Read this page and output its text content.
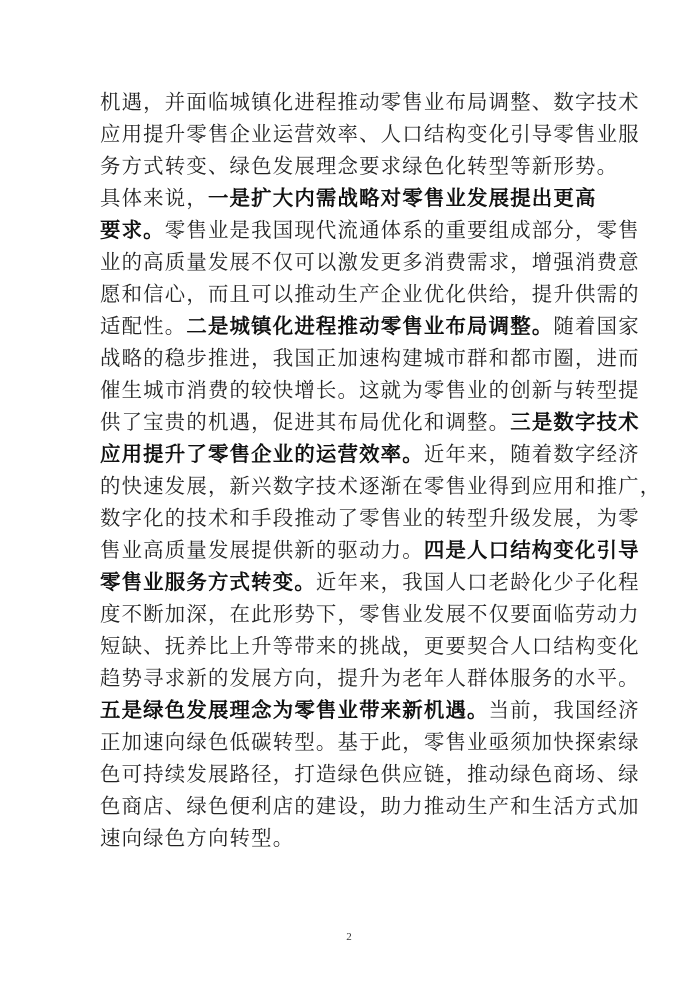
机遇，并面临城镇化进程推动零售业布局调整、数字技术
应用提升零售企业运营效率、人口结构变化引导零售业服
务方式转变、绿色发展理念要求绿色化转型等新形势。
具体来说，一是扩大内需战略对零售业发展提出更高
要求。零售业是我国现代流通体系的重要组成部分，零售
业的高质量发展不仅可以激发更多消费需求，增强消费意
愿和信心，而且可以推动生产企业优化供给，提升供需的
适配性。二是城镇化进程推动零售业布局调整。随着国家
战略的稳步推进，我国正加速构建城市群和都市圈，进而
催生城市消费的较快增长。这就为零售业的创新与转型提
供了宝贵的机遇，促进其布局优化和调整。三是数字技术
应用提升了零售企业的运营效率。近年来，随着数字经济
的快速发展，新兴数字技术逐渐在零售业得到应用和推广，
数字化的技术和手段推动了零售业的转型升级发展，为零
售业高质量发展提供新的驱动力。四是人口结构变化引导
零售业服务方式转变。近年来，我国人口老龄化少子化程
度不断加深，在此形势下，零售业发展不仅要面临劳动力
短缺、抚养比上升等带来的挑战，更要契合人口结构变化
趋势寻求新的发展方向，提升为老年人群体服务的水平。
五是绿色发展理念为零售业带来新机遇。当前，我国经济
正加速向绿色低碳转型。基于此，零售业亟须加快探索绿
色可持续发展路径，打造绿色供应链，推动绿色商场、绿
色商店、绿色便利店的建设，助力推动生产和生活方式加
速向绿色方向转型。
2
